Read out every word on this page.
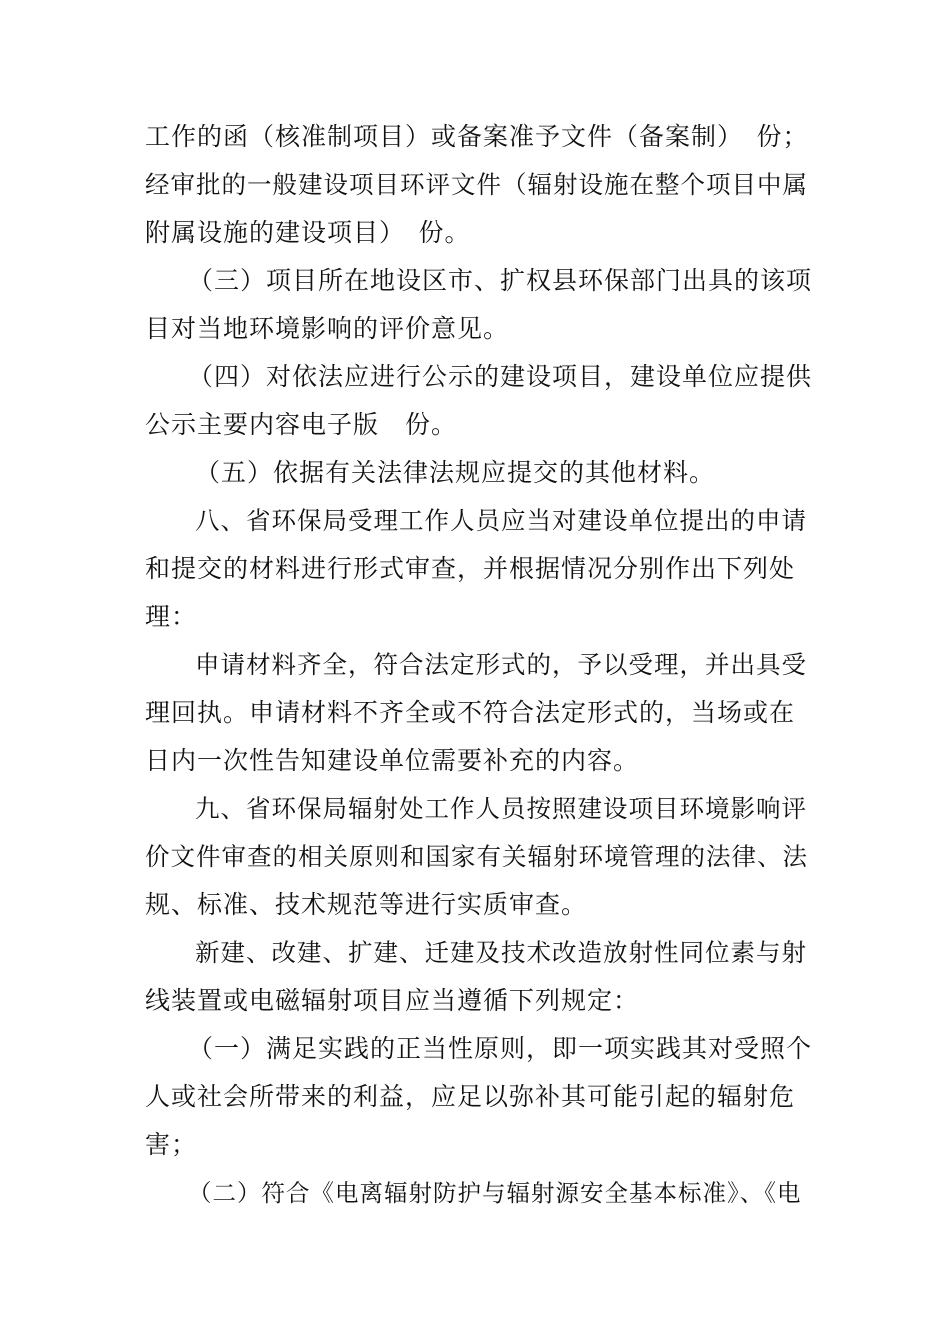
工作的函（核准制项目）或备案准予文件（备案制）　份；
经审批的一般建设项目环评文件（辐射设施在整个项目中属
附属设施的建设项目）　份。
（三）项目所在地设区市、扩权县环保部门出具的该项
目对当地环境影响的评价意见。
（四）对依法应进行公示的建设项目，建设单位应提供
公示主要内容电子版　份。
（五）依据有关法律法规应提交的其他材料。
八、省环保局受理工作人员应当对建设单位提出的申请
和提交的材料进行形式审查，并根据情况分别作出下列处
理：
申请材料齐全，符合法定形式的，予以受理，并出具受
理回执。申请材料不齐全或不符合法定形式的，当场或在
日内一次性告知建设单位需要补充的内容。
九、省环保局辐射处工作人员按照建设项目环境影响评
价文件审查的相关原则和国家有关辐射环境管理的法律、法
规、标准、技术规范等进行实质审查。
新建、改建、扩建、迁建及技术改造放射性同位素与射
线装置或电磁辐射项目应当遵循下列规定：
（一）满足实践的正当性原则，即一项实践其对受照个
人或社会所带来的利益，应足以弥补其可能引起的辐射危
害；
（二）符合《电离辐射防护与辐射源安全基本标准》、《电
